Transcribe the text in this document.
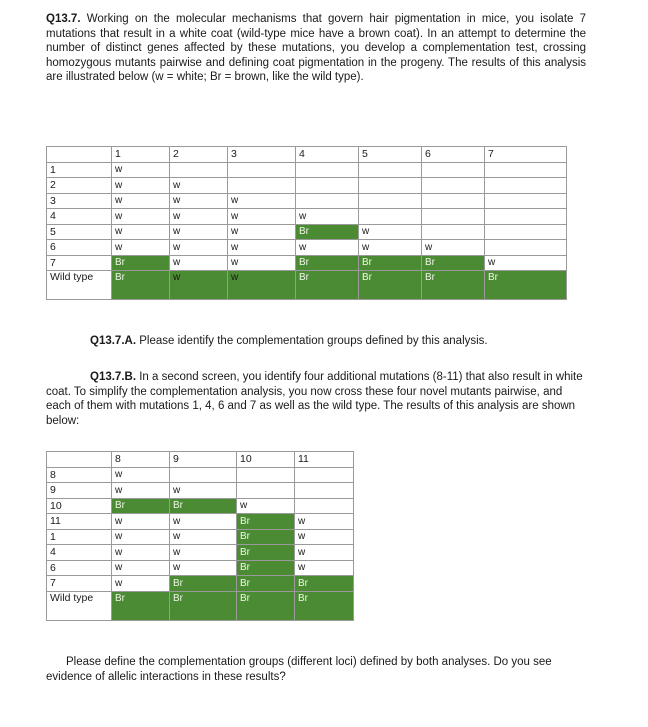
Q13.7. Working on the molecular mechanisms that govern hair pigmentation in mice, you isolate 7 mutations that result in a white coat (wild-type mice have a brown coat). In an attempt to determine the number of distinct genes affected by these mutations, you develop a complementation test, crossing homozygous mutants pairwise and defining coat pigmentation in the progeny. The results of this analysis are illustrated below (w = white; Br = brown, like the wild type).

	1	2	3	4	5	6	7
1	w						
2	w	w					
3	w	w	w				
4	w	w	w	w			
5	w	w	w	Br	w		
6	w	w	w	w	w	w	
7	Br	w	w	Br	Br	Br	w
Wild type	Br	w	w	Br	Br	Br	Br

Q13.7.A. Please identify the complementation groups defined by this analysis.

Q13.7.B. In a second screen, you identify four additional mutations (8-11) that also result in white coat. To simplify the complementation analysis, you now cross these four novel mutants pairwise, and each of them with mutations 1, 4, 6 and 7 as well as the wild type. The results of this analysis are shown below:

	8	9	10	11
8	w			
9	w	w		
10	Br	Br	w	
11	w	w	Br	w
1	w	w	Br	w
4	w	w	Br	w
6	w	w	Br	w
7	w	Br	Br	Br
Wild type	Br	Br	Br	Br

Please define the complementation groups (different loci) defined by both analyses. Do you see evidence of allelic interactions in these results?
